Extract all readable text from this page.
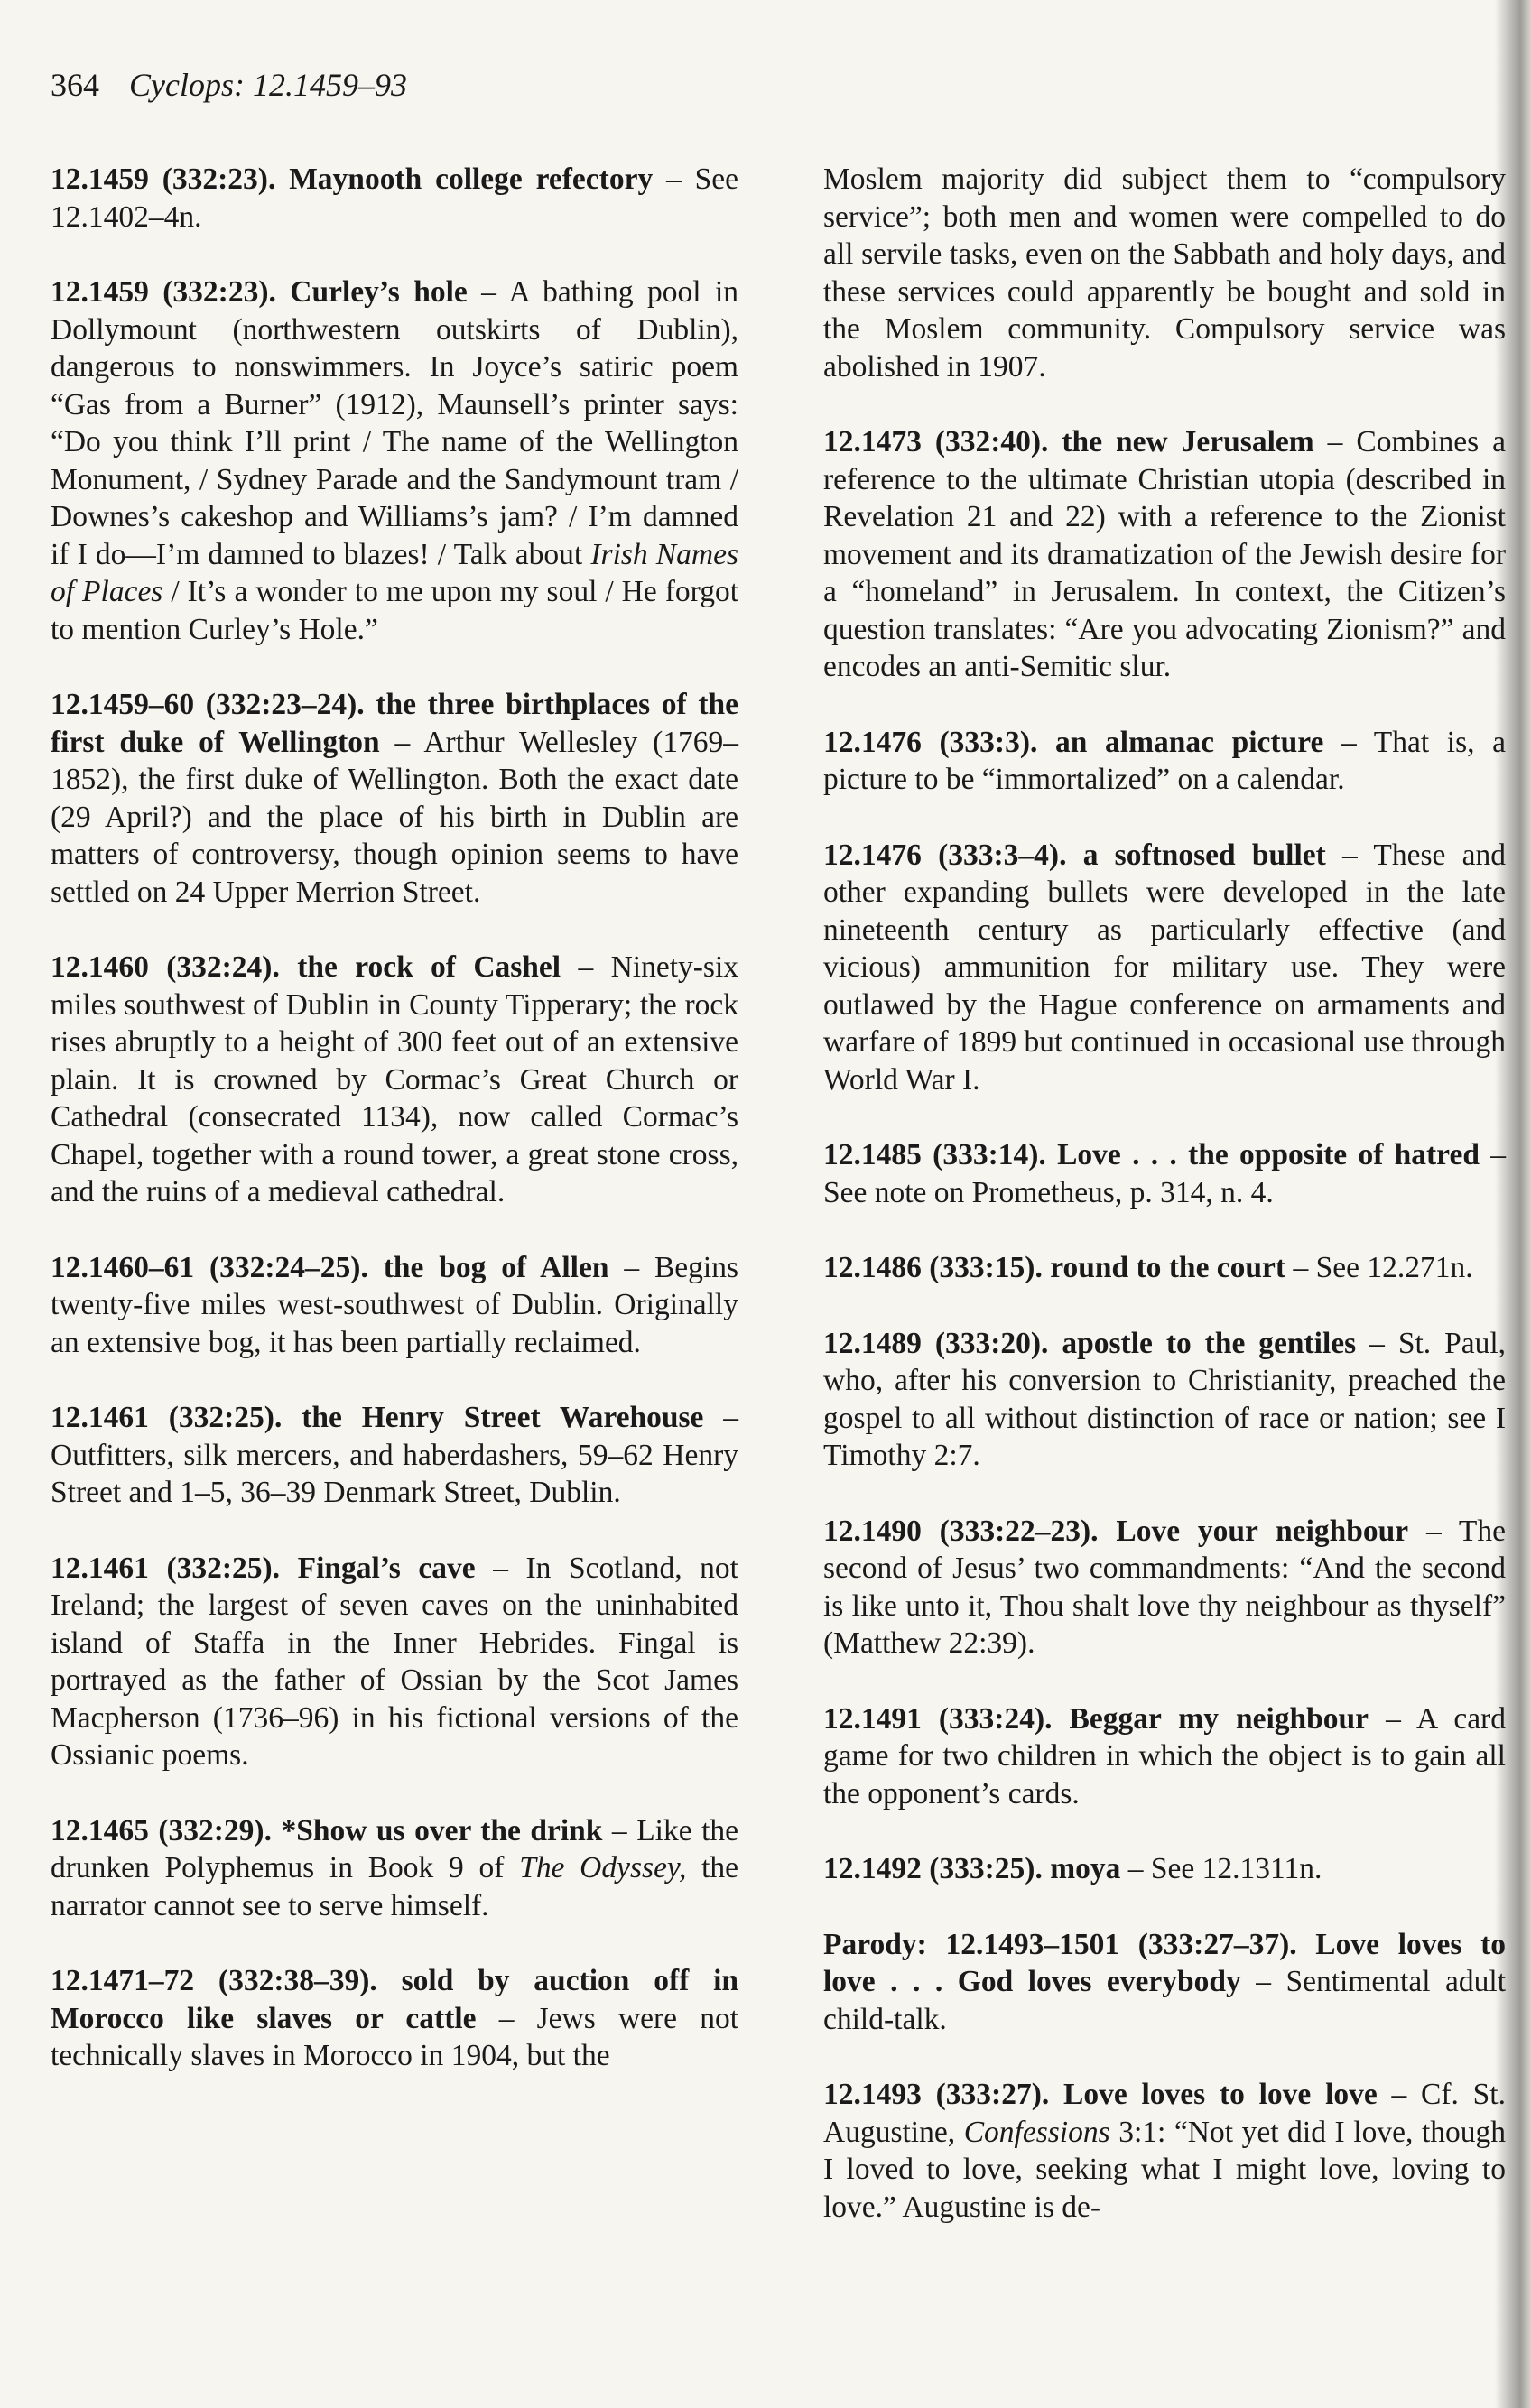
364 Cyclops: 12.1459–93

12.1459 (332:23). Maynooth college refectory – See 12.1402–4n.

12.1459 (332:23). Curley’s hole – A bathing pool in Dollymount (northwestern outskirts of Dublin), dangerous to nonswimmers. In Joyce’s satiric poem “Gas from a Burner” (1912), Maunsell’s printer says: “Do you think I’ll print / The name of the Wellington Monument, / Sydney Parade and the Sandymount tram / Downes’s cakeshop and Williams’s jam? / I’m damned if I do—I’m damned to blazes! / Talk about Irish Names of Places / It’s a wonder to me upon my soul / He forgot to mention Curley’s Hole.”

12.1459–60 (332:23–24). the three birthplaces of the first duke of Wellington – Arthur Wellesley (1769–1852), the first duke of Wellington. Both the exact date (29 April?) and the place of his birth in Dublin are matters of controversy, though opinion seems to have settled on 24 Upper Merrion Street.

12.1460 (332:24). the rock of Cashel – Ninety-six miles southwest of Dublin in County Tipperary; the rock rises abruptly to a height of 300 feet out of an extensive plain. It is crowned by Cormac’s Great Church or Cathedral (consecrated 1134), now called Cormac’s Chapel, together with a round tower, a great stone cross, and the ruins of a medieval cathedral.

12.1460–61 (332:24–25). the bog of Allen – Begins twenty-five miles west-southwest of Dublin. Originally an extensive bog, it has been partially reclaimed.

12.1461 (332:25). the Henry Street Warehouse – Outfitters, silk mercers, and haberdashers, 59–62 Henry Street and 1–5, 36–39 Denmark Street, Dublin.

12.1461 (332:25). Fingal’s cave – In Scotland, not Ireland; the largest of seven caves on the uninhabited island of Staffa in the Inner Hebrides. Fingal is portrayed as the father of Ossian by the Scot James Macpherson (1736–96) in his fictional versions of the Ossianic poems.

12.1465 (332:29). *Show us over the drink – Like the drunken Polyphemus in Book 9 of The Odyssey, the narrator cannot see to serve himself.

12.1471–72 (332:38–39). sold by auction off in Morocco like slaves or cattle – Jews were not technically slaves in Morocco in 1904, but the

Moslem majority did subject them to “compulsory service”; both men and women were compelled to do all servile tasks, even on the Sabbath and holy days, and these services could apparently be bought and sold in the Moslem community. Compulsory service was abolished in 1907.

12.1473 (332:40). the new Jerusalem – Combines a reference to the ultimate Christian utopia (described in Revelation 21 and 22) with a reference to the Zionist movement and its dramatization of the Jewish desire for a “homeland” in Jerusalem. In context, the Citizen’s question translates: “Are you advocating Zionism?” and encodes an anti-Semitic slur.

12.1476 (333:3). an almanac picture – That is, a picture to be “immortalized” on a calendar.

12.1476 (333:3–4). a softnosed bullet – These and other expanding bullets were developed in the late nineteenth century as particularly effective (and vicious) ammunition for military use. They were outlawed by the Hague conference on armaments and warfare of 1899 but continued in occasional use through World War I.

12.1485 (333:14). Love . . . the opposite of hatred – See note on Prometheus, p. 314, n. 4.

12.1486 (333:15). round to the court – See 12.271n.

12.1489 (333:20). apostle to the gentiles – St. Paul, who, after his conversion to Christianity, preached the gospel to all without distinction of race or nation; see I Timothy 2:7.

12.1490 (333:22–23). Love your neighbour – The second of Jesus’ two commandments: “And the second is like unto it, Thou shalt love thy neighbour as thyself” (Matthew 22:39).

12.1491 (333:24). Beggar my neighbour – A card game for two children in which the object is to gain all the opponent’s cards.

12.1492 (333:25). moya – See 12.1311n.

Parody: 12.1493–1501 (333:27–37). Love loves to love . . . God loves everybody – Sentimental adult child-talk.

12.1493 (333:27). Love loves to love love – Cf. St. Augustine, Confessions 3:1: “Not yet did I love, though I loved to love, seeking what I might love, loving to love.” Augustine is de-
